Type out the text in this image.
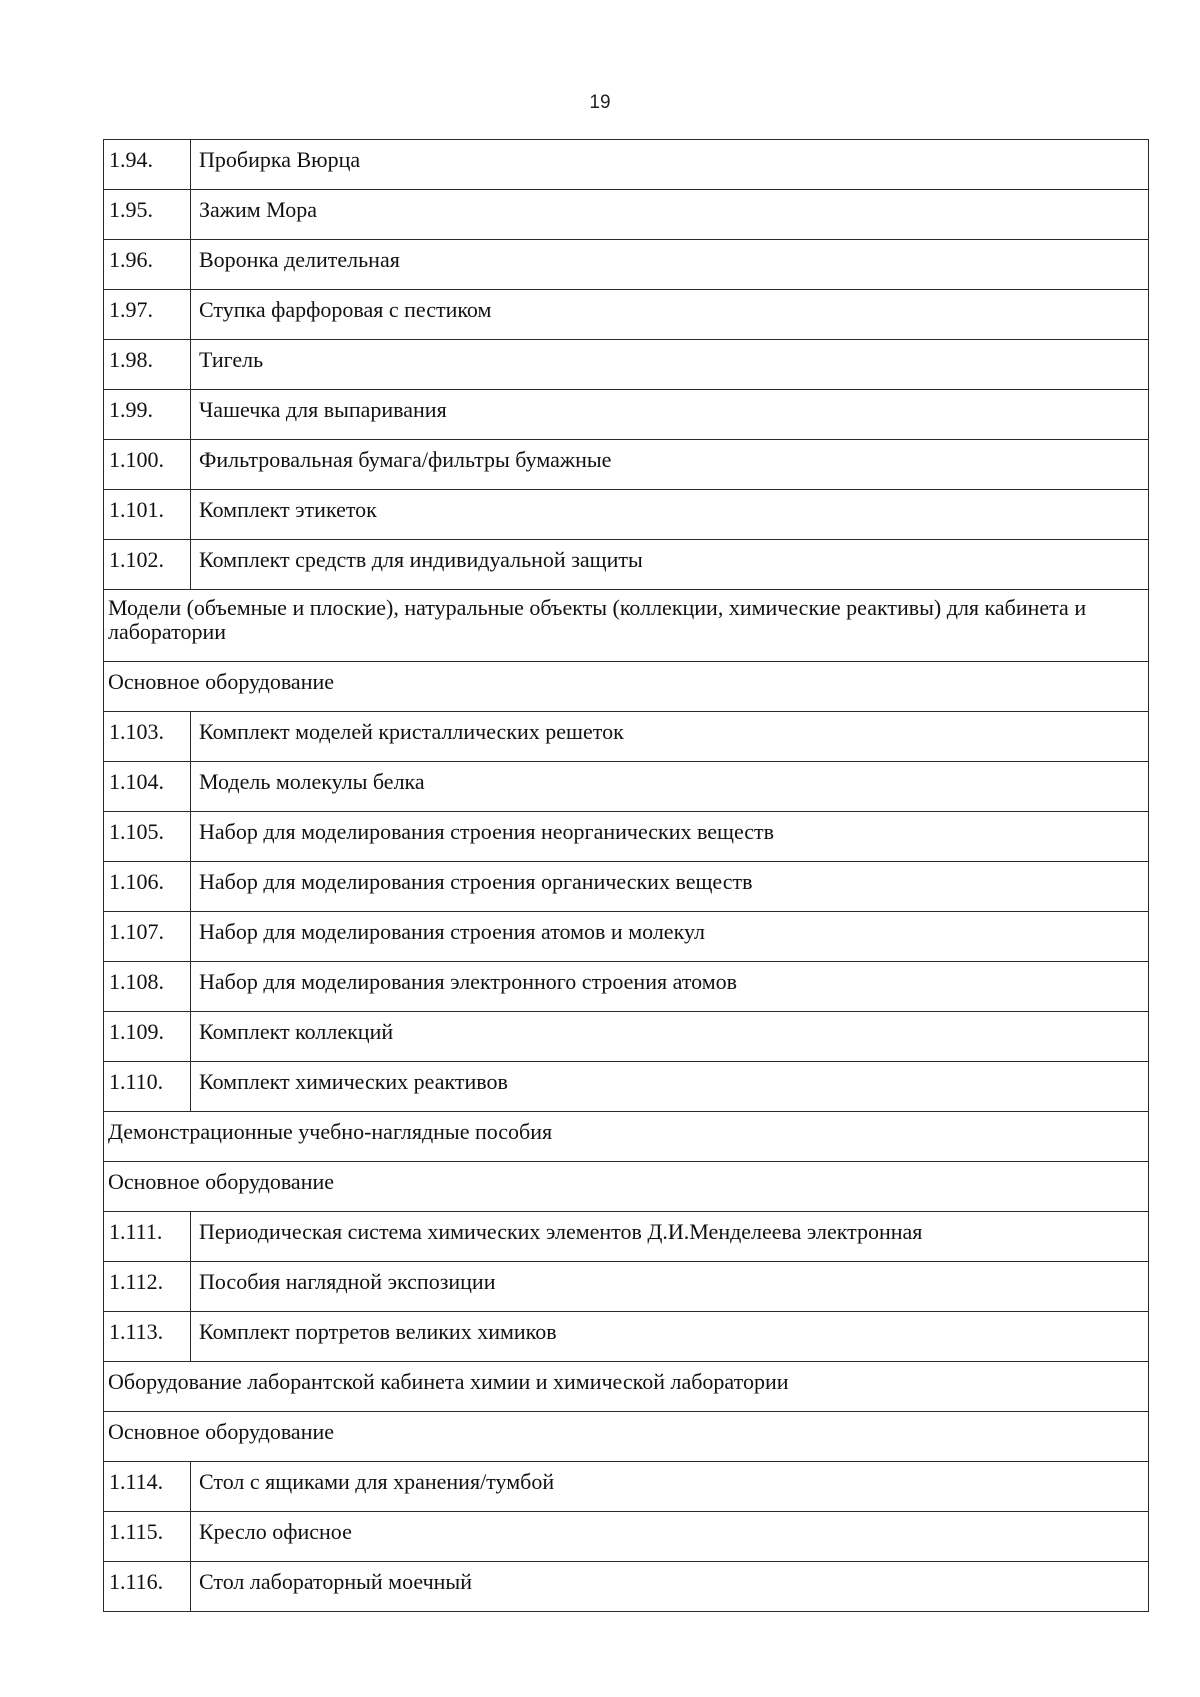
19
1.94.	Пробирка Вюрца
1.95.	Зажим Мора
1.96.	Воронка делительная
1.97.	Ступка фарфоровая с пестиком
1.98.	Тигель
1.99.	Чашечка для выпаривания
1.100.	Фильтровальная бумага/фильтры бумажные
1.101.	Комплект этикеток
1.102.	Комплект средств для индивидуальной защиты
Модели (объемные и плоские), натуральные объекты (коллекции, химические реактивы) для кабинета и лаборатории	
Основное оборудование	
1.103.	Комплект моделей кристаллических решеток
1.104.	Модель молекулы белка
1.105.	Набор для моделирования строения неорганических веществ
1.106.	Набор для моделирования строения органических веществ
1.107.	Набор для моделирования строения атомов и молекул
1.108.	Набор для моделирования электронного строения атомов
1.109.	Комплект коллекций
1.110.	Комплект химических реактивов
Демонстрационные учебно-наглядные пособия	
Основное оборудование	
1.111.	Периодическая система химических элементов Д.И.Менделеева электронная
1.112.	Пособия наглядной экспозиции
1.113.	Комплект портретов великих химиков
Оборудование лаборантской кабинета химии и химической лаборатории	
Основное оборудование	
1.114.	Стол с ящиками для хранения/тумбой
1.115.	Кресло офисное
1.116.	Стол лабораторный моечный
